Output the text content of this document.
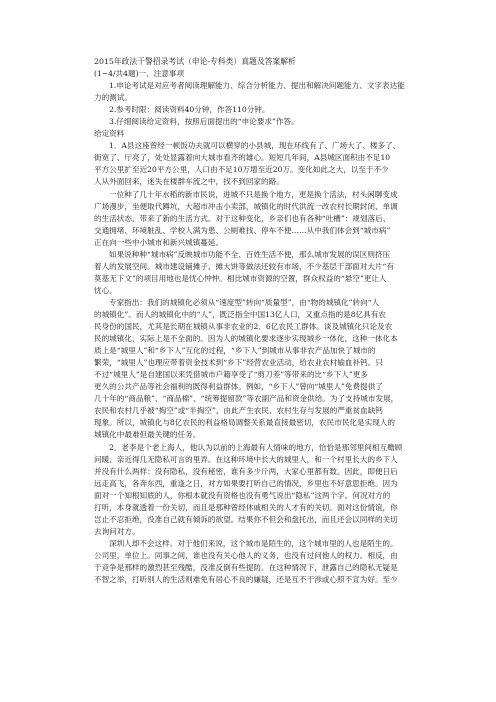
2015年政法干警招录考试（申论-专科类）真题及答案解析
(1~4/共4题)一、注意事项
1.申论考试是对应考者阅读理解能力、综合分析能力、提出和解决问题能力、文字表达能
力的测试。
2.参考时限：阅读资料40分钟，作答110分钟。
3.仔细阅读给定资料，按照后面提出的“申论要求”作答。
给定资料
1．A县这座曾经一顿饭功夫就可以横穿的小县城，现在环线有了、广场大了、楼多了、
街宽了、厅亮了，处处显露着向大城市看齐的雄心。短短几年间，A县城区面积由不足10
平方公里扩至近20平方公里，人口由不足10万增至近20万。变化如此之大，以至于不少
人从外面回来，迷失在楼群车流之中，找不到回家的路。
一位种了几十年水稻的新市民说，进城不只是换个地方，更是换个活法，村头闲聊变成
广场漫步，坐便取代蹲坑，大超市冲击小卖部，城镇化的时代洪流一改农村长期封闭、单调
的生活状态，带来了新的生活方式。对于这种变化，乡亲们也有各种“吐槽”：规划落后、
交通拥堵、环境脏乱、学校人满为患、公厕难找、停车不便……从中我们体会到“城市病”
正在向一些中小城市和新兴城镇蔓延。
如果说种种“城市病”反映城市功能不全、百姓生活不便，那么城市发展的误区则挤压
着人的发展空间。城市建设铺摊子、摊大饼等做法还较有市场，不少基层干部面对大片“有
莫基无下文”的项目用地也是忧心忡忡。相比城市资源的空置，群众权益的“悬空”更让人
忧心。
专家指出：我们的城镇化必须从“速度型”转向“质量型”，由“物的城镇化”转向“人
的城镇化”。而人的城镇化中的“人”，既泛指全中国13亿人口，又重点指的是8亿具有农
民身份的国民，尤其是长期在城镇从事非农业的2．6亿农民工群体。谈及城镇化只论及农
民的城镇化，实际上是不全面的。因为人的城镇化要求逐步实现城乡一体化，这种一体化本
质上是“城里人”和“乡下人”互化的过程，“乡下人”到城市从事非农产品加快了城市的
繁荣，“城里人”也理应带着资金技术到“乡下”经营农业活动，给农业农村输血补钙。只
不过“城里人”是自建国以来凭借城市户籍享受了“剪刀差”等带来的比“乡下人”更多
更久的公共产品等社会福利的既得利益群体。例如，“乡下人”曾向“城里人”免费提供了
几十年的“商品粮”、“商品棉”、“统筹提留款”等农副产品和资金供给。为了支持城市发展，
农民和农村几乎被“掏空”或“半掏空”，由此产生农民、农村生存与发展的严重贫血缺钙
现象。所以，城镇化与8亿农民的利益格局调整关系最直接最密切，农民市民化是实现人的
城镇化中最难但最关键的任务。
2．老李是个老上海人，他认为以前的上海最有人情味的地方，恰恰是那邻里间相互赡顾
问暖、亲近得几无隐私可言的里弄。在这种环境中长大的城里人，和一个村里长大的乡下人
并没有什么两样：没有隐私，没有秘密，谁有多少斤两，大家心里都有数。因此，即便日后
远走高飞，各奔东西，重逢之日，对方如果要打听自己的情况，乡里也不好意思拒绝。因为
面对一个知根知底的人，你根本就没有资格也没有勇气说出“隐私”这两个字。何况对方的
打听，本身就透着一份关切，而且是那种曾经休戚相关的人才有的关切。面对这份情谊，你
岂止不忍拒绝，没准自己就有倾诉的欲望。结果你不但会和盘托出，而且还会以同样的关切
去询问对方。
深圳人却不会这样。对于他们来说，这个城市是陌生的，这个城市里的人也是陌生的。
公司里，单位上。同事之间，谁也没有关心他人的义务，也没有过问他人的权力。相反，由
于竞争是那样的激烈甚至残酷，没准反倒有些提防。在这种情况下，泄露自己的隐私无疑是
不智之举，打听别人的生活则难免有居心不良的嫌疑，还是互不干涉或心照不宣为好。至少
